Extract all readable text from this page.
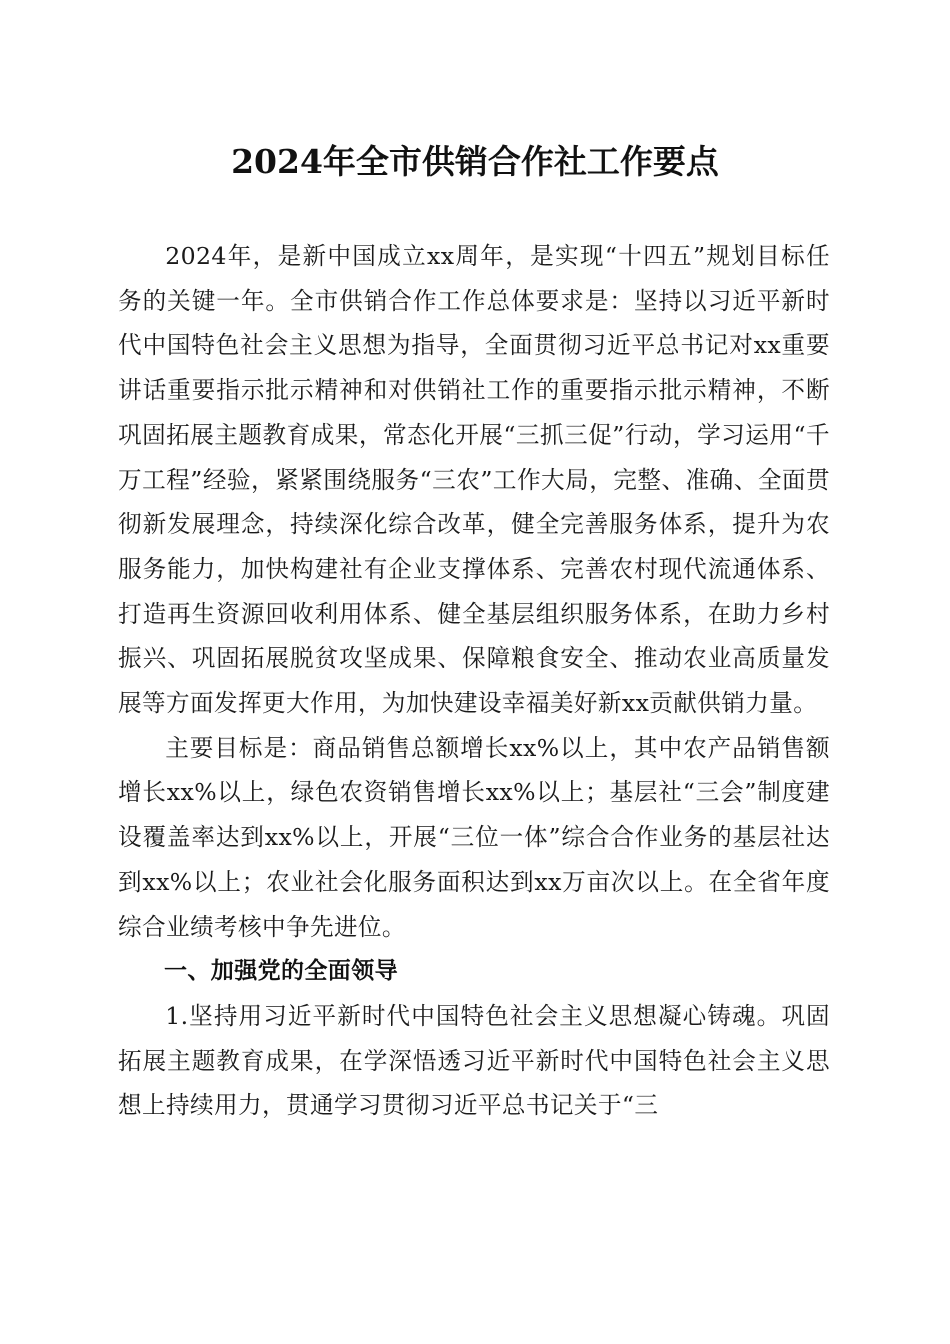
2024年全市供销合作社工作要点

2024年，是新中国成立xx周年，是实现“十四五”规划目标任务的关键一年。全市供销合作工作总体要求是：坚持以习近平新时代中国特色社会主义思想为指导，全面贯彻习近平总书记对xx重要讲话重要指示批示精神和对供销社工作的重要指示批示精神，不断巩固拓展主题教育成果，常态化开展“三抓三促”行动，学习运用“千万工程”经验，紧紧围绕服务“三农”工作大局，完整、准确、全面贯彻新发展理念，持续深化综合改革，健全完善服务体系，提升为农服务能力，加快构建社有企业支撑体系、完善农村现代流通体系、打造再生资源回收利用体系、健全基层组织服务体系，在助力乡村振兴、巩固拓展脱贫攻坚成果、保障粮食安全、推动农业高质量发展等方面发挥更大作用，为加快建设幸福美好新xx贡献供销力量。

主要目标是：商品销售总额增长xx%以上，其中农产品销售额增长xx%以上，绿色农资销售增长xx%以上；基层社“三会”制度建设覆盖率达到xx%以上，开展“三位一体”综合合作业务的基层社达到xx%以上；农业社会化服务面积达到xx万亩次以上。在全省年度综合业绩考核中争先进位。

一、加强党的全面领导

1.坚持用习近平新时代中国特色社会主义思想凝心铸魂。巩固拓展主题教育成果，在学深悟透习近平新时代中国特色社会主义思想上持续用力，贯通学习贯彻习近平总书记关于“三
